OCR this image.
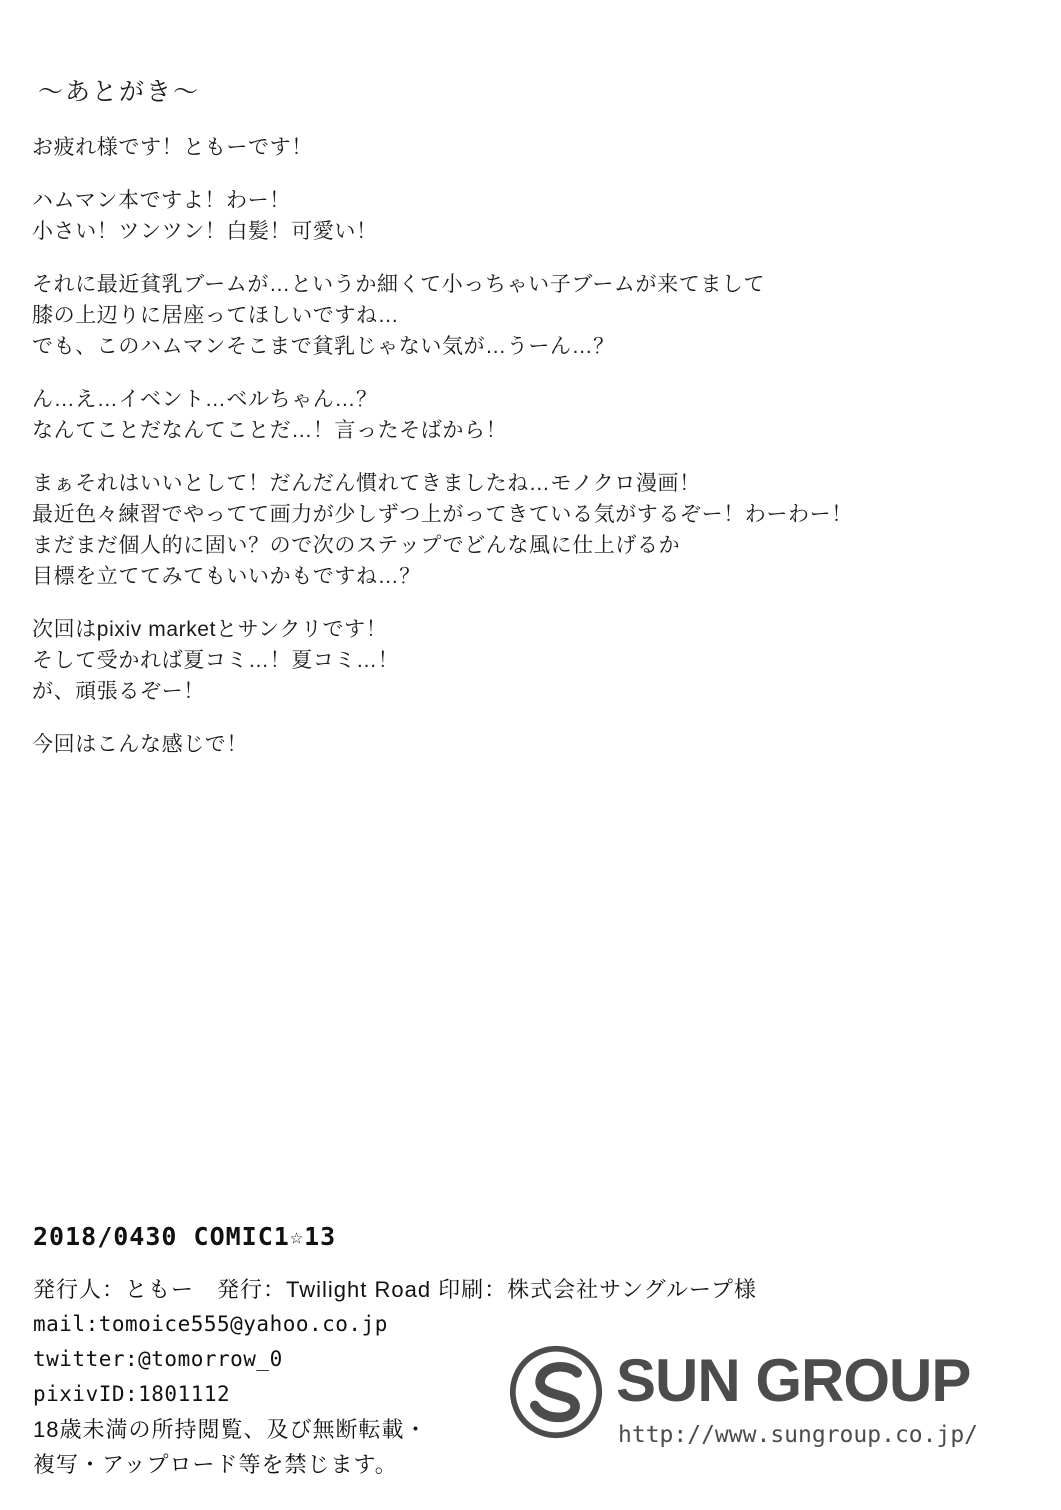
〜あとがき〜

お疲れ様です！ともーです！

ハムマン本ですよ！わー！
小さい！ツンツン！白髪！可愛い！

それに最近貧乳ブームが…というか細くて小っちゃい子ブームが来てまして
膝の上辺りに居座ってほしいですね…
でも、このハムマンそこまで貧乳じゃない気が…うーん…？

ん…え…イベント…ベルちゃん…？
なんてことだなんてことだ…！言ったそばから！

まぁそれはいいとして！だんだん慣れてきましたね…モノクロ漫画！
最近色々練習でやってて画力が少しずつ上がってきている気がするぞー！わーわー！
まだまだ個人的に固い？ので次のステップでどんな風に仕上げるか
目標を立ててみてもいいかもですね…？

次回はpixiv marketとサンクリです！
そして受かれば夏コミ…！夏コミ…！
が、頑張るぞー！

今回はこんな感じで！

2018/0430 COMIC1☆13
発行人：ともー　発行：Twilight Road 印刷：株式会社サングループ様
mail:tomoice555@yahoo.co.jp
twitter:@tomorrow_0
pixivID:1801112
18歳未満の所持閲覧、及び無断転載・
複写・アップロード等を禁じます。
SUN GROUP
http://www.sungroup.co.jp/
